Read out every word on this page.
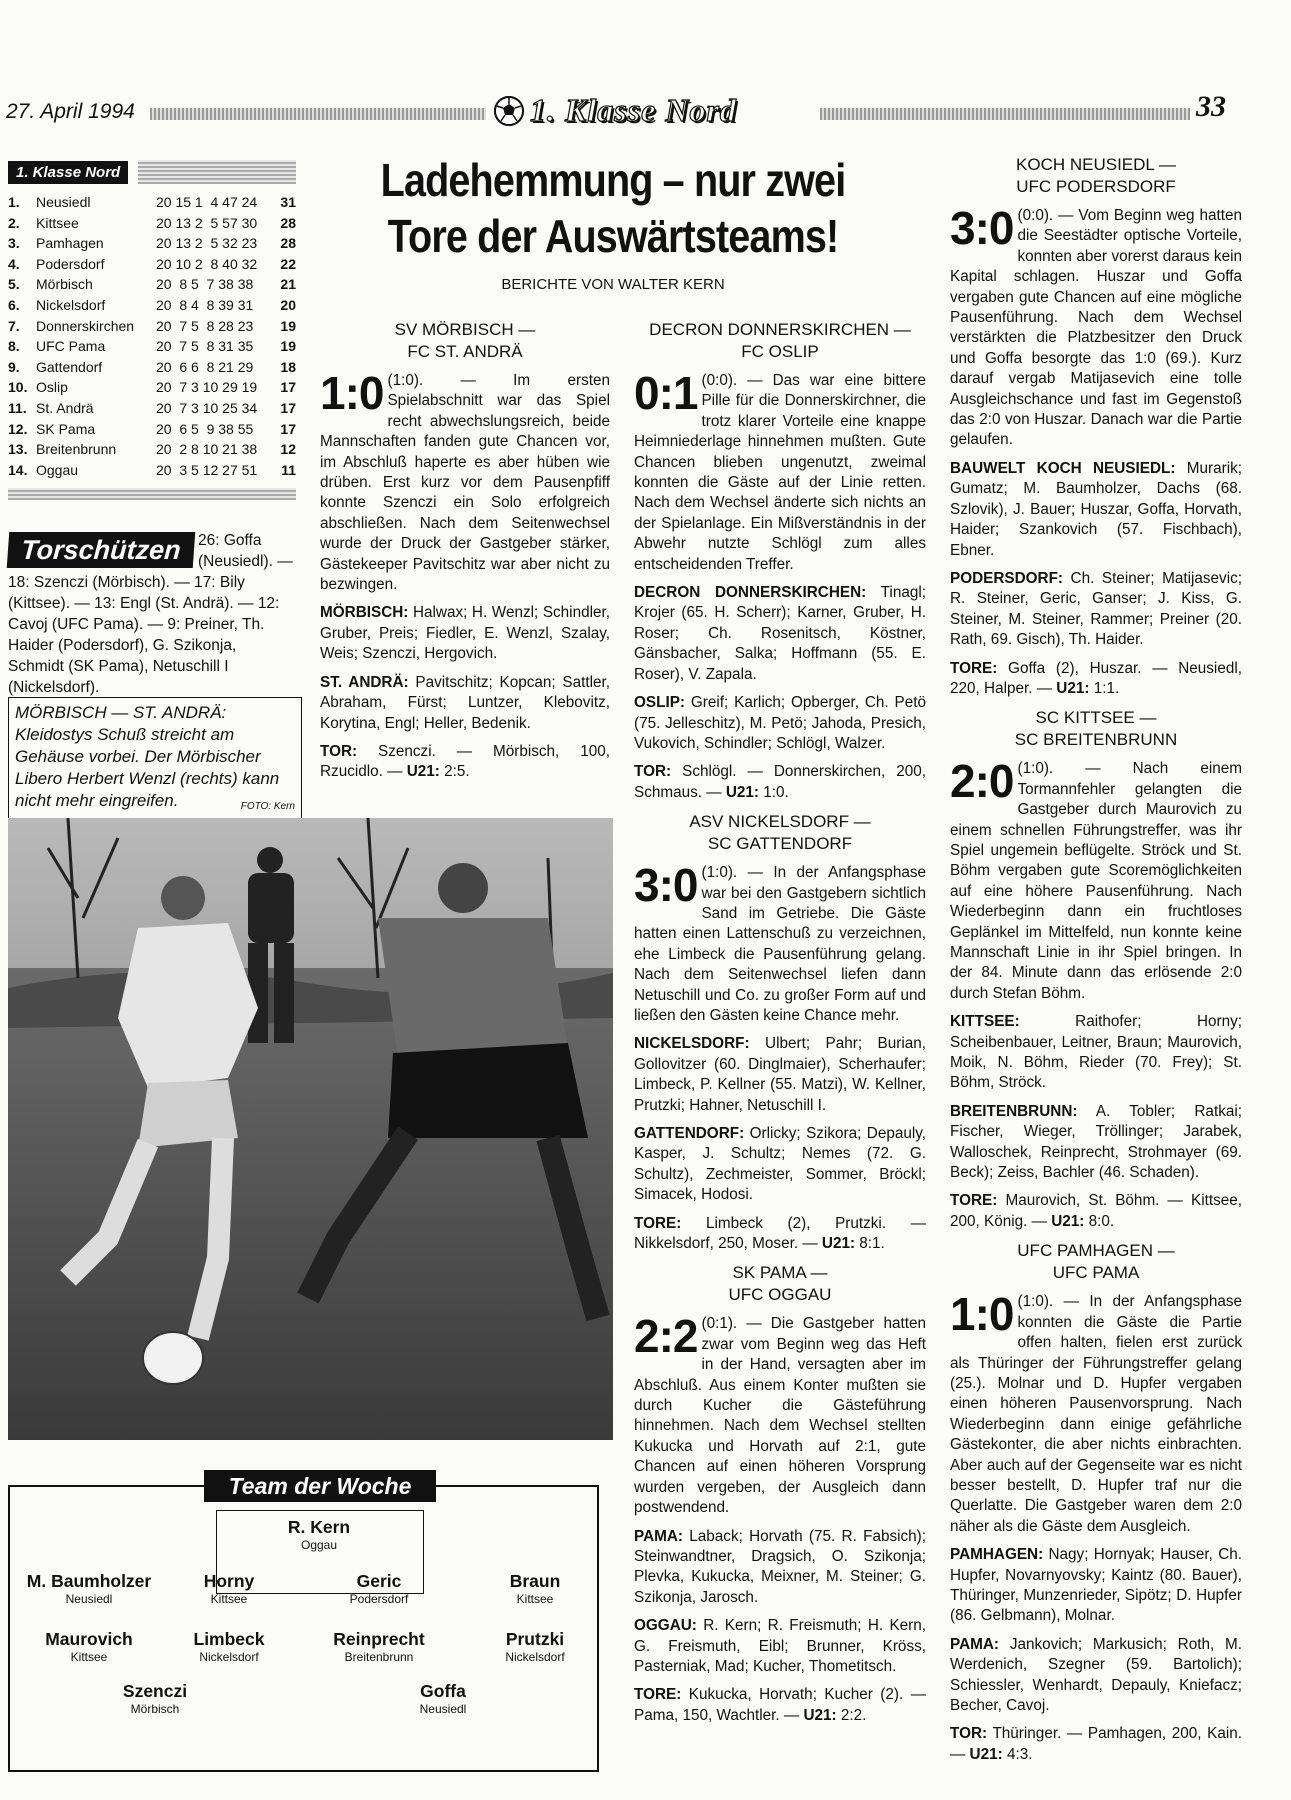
27. April 1994	1. Klasse Nord	33
1. Klasse Nord
1.	Neusiedl	20 15 1  4 47 24	31
2.	Kittsee	20 13 2  5 57 30	28
3.	Pamhagen	20 13 2  5 32 23	28
4.	Podersdorf	20 10 2  8 40 32	22
5.	Mörbisch	20  8 5  7 38 38	21
6.	Nickelsdorf	20  8 4  8 39 31	20
7.	Donnerskirchen	20  7 5  8 28 23	19
8.	UFC Pama	20  7 5  8 31 35	19
9.	Gattendorf	20  6 6  8 21 29	18
10.	Oslip	20  7 3 10 29 19	17
11.	St. Andrä	20  7 3 10 25 34	17
12.	SK Pama	20  6 5  9 38 55	17
13.	Breitenbrunn	20  2 8 10 21 38	12
14.	Oggau	20  3 5 12 27 51	11
Torschützen	26: Goffa (Neusiedl). —
18: Szenczi (Mörbisch). — 17: Bily (Kittsee). — 13: Engl (St. Andrä). — 12: Cavoj (UFC Pama). — 9: Preiner, Th. Haider (Podersdorf), G. Szikonja, Schmidt (SK Pama), Netuschill I (Nickelsdorf).
MÖRBISCH — ST. ANDRÄ: Kleidostys Schuß streicht am Gehäuse vorbei. Der Mörbischer Libero Herbert Wenzl (rechts) kann nicht mehr eingreifen.	FOTO: Kern
Team der Woche
R. Kern
Oggau
M. Baumholzer
Neusiedl
Horny
Kittsee
Geric
Podersdorf
Braun
Kittsee
Maurovich
Kittsee
Limbeck
Nickelsdorf
Reinprecht
Breitenbrunn
Prutzki
Nickelsdorf
Szenczi
Mörbisch
Goffa
Neusiedl
Ladehemmung – nur zwei
Tore der Auswärtsteams!
BERICHTE VON WALTER KERN
SV MÖRBISCH —
FC ST. ANDRÄ

1:0 (1:0). — Im ersten Spielabschnitt war das Spiel recht abwechslungsreich, beide Mannschaften fanden gute Chancen vor, im Abschluß haperte es aber hüben wie drüben. Erst kurz vor dem Pausenpfiff konnte Szenczi ein Solo erfolgreich abschließen. Nach dem Seitenwechsel wurde der Druck der Gastgeber stärker, Gästekeeper Pavitschitz war aber nicht zu bezwingen.

MÖRBISCH: Halwax; H. Wenzl; Schindler, Gruber, Preis; Fiedler, E. Wenzl, Szalay, Weis; Szenczi, Hergovich.

ST. ANDRÄ: Pavitschitz; Kopcan; Sattler, Abraham, Fürst; Luntzer, Klebovitz, Korytina, Engl; Heller, Bedenik.

TOR: Szenczi. — Mörbisch, 100, Rzucidlo. — U21: 2:5.

DECRON DONNERSKIRCHEN —
FC OSLIP

0:1 (0:0). — Das war eine bittere Pille für die Donnerskirchner, die trotz klarer Vorteile eine knappe Heimniederlage hinnehmen mußten. Gute Chancen blieben ungenutzt, zweimal konnten die Gäste auf der Linie retten. Nach dem Wechsel änderte sich nichts an der Spielanlage. Ein Mißverständnis in der Abwehr nutzte Schlögl zum alles entscheidenden Treffer.

DECRON DONNERSKIRCHEN: Tinagl; Krojer (65. H. Scherr); Karner, Gruber, H. Roser; Ch. Rosenitsch, Köstner, Gänsbacher, Salka; Hoffmann (55. E. Roser), V. Zapala.

OSLIP: Greif; Karlich; Opberger, Ch. Petö (75. Jelleschitz), M. Petö; Jahoda, Presich, Vukovich, Schindler; Schlögl, Walzer.

TOR: Schlögl. — Donnerskirchen, 200, Schmaus. — U21: 1:0.

ASV NICKELSDORF —
SC GATTENDORF

3:0 (1:0). — In der Anfangsphase war bei den Gastgebern sichtlich Sand im Getriebe. Die Gäste hatten einen Lattenschuß zu verzeichnen, ehe Limbeck die Pausenführung gelang. Nach dem Seitenwechsel liefen dann Netuschill und Co. zu großer Form auf und ließen den Gästen keine Chance mehr.

NICKELSDORF: Ulbert; Pahr; Burian, Gollovitzer (60. Dinglmaier), Scherhaufer; Limbeck, P. Kellner (55. Matzi), W. Kellner, Prutzki; Hahner, Netuschill I.

GATTENDORF: Orlicky; Szikora; Depauly, Kasper, J. Schultz; Nemes (72. G. Schultz), Zechmeister, Sommer, Bröckl; Simacek, Hodosi.

TORE: Limbeck (2), Prutzki. — Nikkelsdorf, 250, Moser. — U21: 8:1.

SK PAMA —
UFC OGGAU

2:2 (0:1). — Die Gastgeber hatten zwar vom Beginn weg das Heft in der Hand, versagten aber im Abschluß. Aus einem Konter mußten sie durch Kucher die Gästeführung hinnehmen. Nach dem Wechsel stellten Kukucka und Horvath auf 2:1, gute Chancen auf einen höheren Vorsprung wurden vergeben, der Ausgleich dann postwendend.

PAMA: Laback; Horvath (75. R. Fabsich); Steinwandtner, Dragsich, O. Szikonja; Plevka, Kukucka, Meixner, M. Steiner; G. Szikonja, Jarosch.

OGGAU: R. Kern; R. Freismuth; H. Kern, G. Freismuth, Eibl; Brunner, Kröss, Pasterniak, Mad; Kucher, Thometitsch.

TORE: Kukucka, Horvath; Kucher (2). — Pama, 150, Wachtler. — U21: 2:2.

KOCH NEUSIEDL —
UFC PODERSDORF

3:0 (0:0). — Vom Beginn weg hatten die Seestädter optische Vorteile, konnten aber vorerst daraus kein Kapital schlagen. Huszar und Goffa vergaben gute Chancen auf eine mögliche Pausenführung. Nach dem Wechsel verstärkten die Platzbesitzer den Druck und Goffa besorgte das 1:0 (69.). Kurz darauf vergab Matijasevich eine tolle Ausgleichschance und fast im Gegenstoß das 2:0 von Huszar. Danach war die Partie gelaufen.

BAUWELT KOCH NEUSIEDL: Murarik; Gumatz; M. Baumholzer, Dachs (68. Szlovik), J. Bauer; Huszar, Goffa, Horvath, Haider; Szankovich (57. Fischbach), Ebner.

PODERSDORF: Ch. Steiner; Matijasevic; R. Steiner, Geric, Ganser; J. Kiss, G. Steiner, M. Steiner, Rammer; Preiner (20. Rath, 69. Gisch), Th. Haider.

TORE: Goffa (2), Huszar. — Neusiedl, 220, Halper. — U21: 1:1.

SC KITTSEE —
SC BREITENBRUNN

2:0 (1:0). — Nach einem Tormannfehler gelangten die Gastgeber durch Maurovich zu einem schnellen Führungstreffer, was ihr Spiel ungemein beflügelte. Ströck und St. Böhm vergaben gute Scoremöglichkeiten auf eine höhere Pausenführung. Nach Wiederbeginn dann ein fruchtloses Geplänkel im Mittelfeld, nun konnte keine Mannschaft Linie in ihr Spiel bringen. In der 84. Minute dann das erlösende 2:0 durch Stefan Böhm.

KITTSEE:	Raithofer; Horny; Scheibenbauer, Leitner, Braun; Maurovich, Moik, N. Böhm, Rieder (70. Frey); St. Böhm, Ströck.

BREITENBRUNN: A. Tobler; Ratkai; Fischer, Wieger, Tröllinger; Jarabek, Walloschek, Reinprecht, Strohmayer (69. Beck); Zeiss, Bachler (46. Schaden).

TORE: Maurovich, St. Böhm. — Kittsee, 200, König. — U21: 8:0.

UFC PAMHAGEN —
UFC PAMA

1:0 (1:0). — In der Anfangsphase konnten die Gäste die Partie offen halten, fielen erst zurück als Thüringer der Führungstreffer gelang (25.). Molnar und D. Hupfer vergaben einen höheren Pausenvorsprung. Nach Wiederbeginn dann einige gefährliche Gästekonter, die aber nichts einbrachten. Aber auch auf der Gegenseite war es nicht besser bestellt, D. Hupfer traf nur die Querlatte. Die Gastgeber waren dem 2:0 näher als die Gäste dem Ausgleich.

PAMHAGEN: Nagy; Hornyak; Hauser, Ch. Hupfer, Novarnyovsky; Kaintz (80. Bauer), Thüringer, Munzenrieder, Sipötz; D. Hupfer (86. Gelbmann), Molnar.

PAMA: Jankovich; Markusich; Roth, M. Werdenich, Szegner (59. Bartolich); Schiessler, Wenhardt, Depauly, Kniefacz; Becher, Cavoj.

TOR: Thüringer. — Pamhagen, 200, Kain. — U21: 4:3.
